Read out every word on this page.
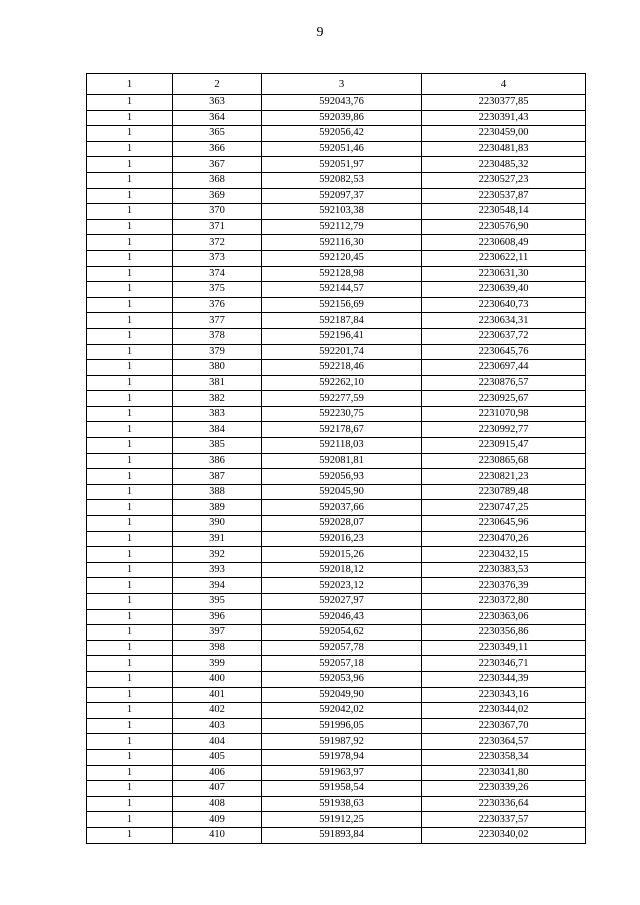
9
1	2	3	4
1	363	592043,76	2230377,85
1	364	592039,86	2230391,43
1	365	592056,42	2230459,00
1	366	592051,46	2230481,83
1	367	592051,97	2230485,32
1	368	592082,53	2230527,23
1	369	592097,37	2230537,87
1	370	592103,38	2230548,14
1	371	592112,79	2230576,90
1	372	592116,30	2230608,49
1	373	592120,45	2230622,11
1	374	592128,98	2230631,30
1	375	592144,57	2230639,40
1	376	592156,69	2230640,73
1	377	592187,84	2230634,31
1	378	592196,41	2230637,72
1	379	592201,74	2230645,76
1	380	592218,46	2230697,44
1	381	592262,10	2230876,57
1	382	592277,59	2230925,67
1	383	592230,75	2231070,98
1	384	592178,67	2230992,77
1	385	592118,03	2230915,47
1	386	592081,81	2230865,68
1	387	592056,93	2230821,23
1	388	592045,90	2230789,48
1	389	592037,66	2230747,25
1	390	592028,07	2230645,96
1	391	592016,23	2230470,26
1	392	592015,26	2230432,15
1	393	592018,12	2230383,53
1	394	592023,12	2230376,39
1	395	592027,97	2230372,80
1	396	592046,43	2230363,06
1	397	592054,62	2230356,86
1	398	592057,78	2230349,11
1	399	592057,18	2230346,71
1	400	592053,96	2230344,39
1	401	592049,90	2230343,16
1	402	592042,02	2230344,02
1	403	591996,05	2230367,70
1	404	591987,92	2230364,57
1	405	591978,94	2230358,34
1	406	591963,97	2230341,80
1	407	591958,54	2230339,26
1	408	591938,63	2230336,64
1	409	591912,25	2230337,57
1	410	591893,84	2230340,02
